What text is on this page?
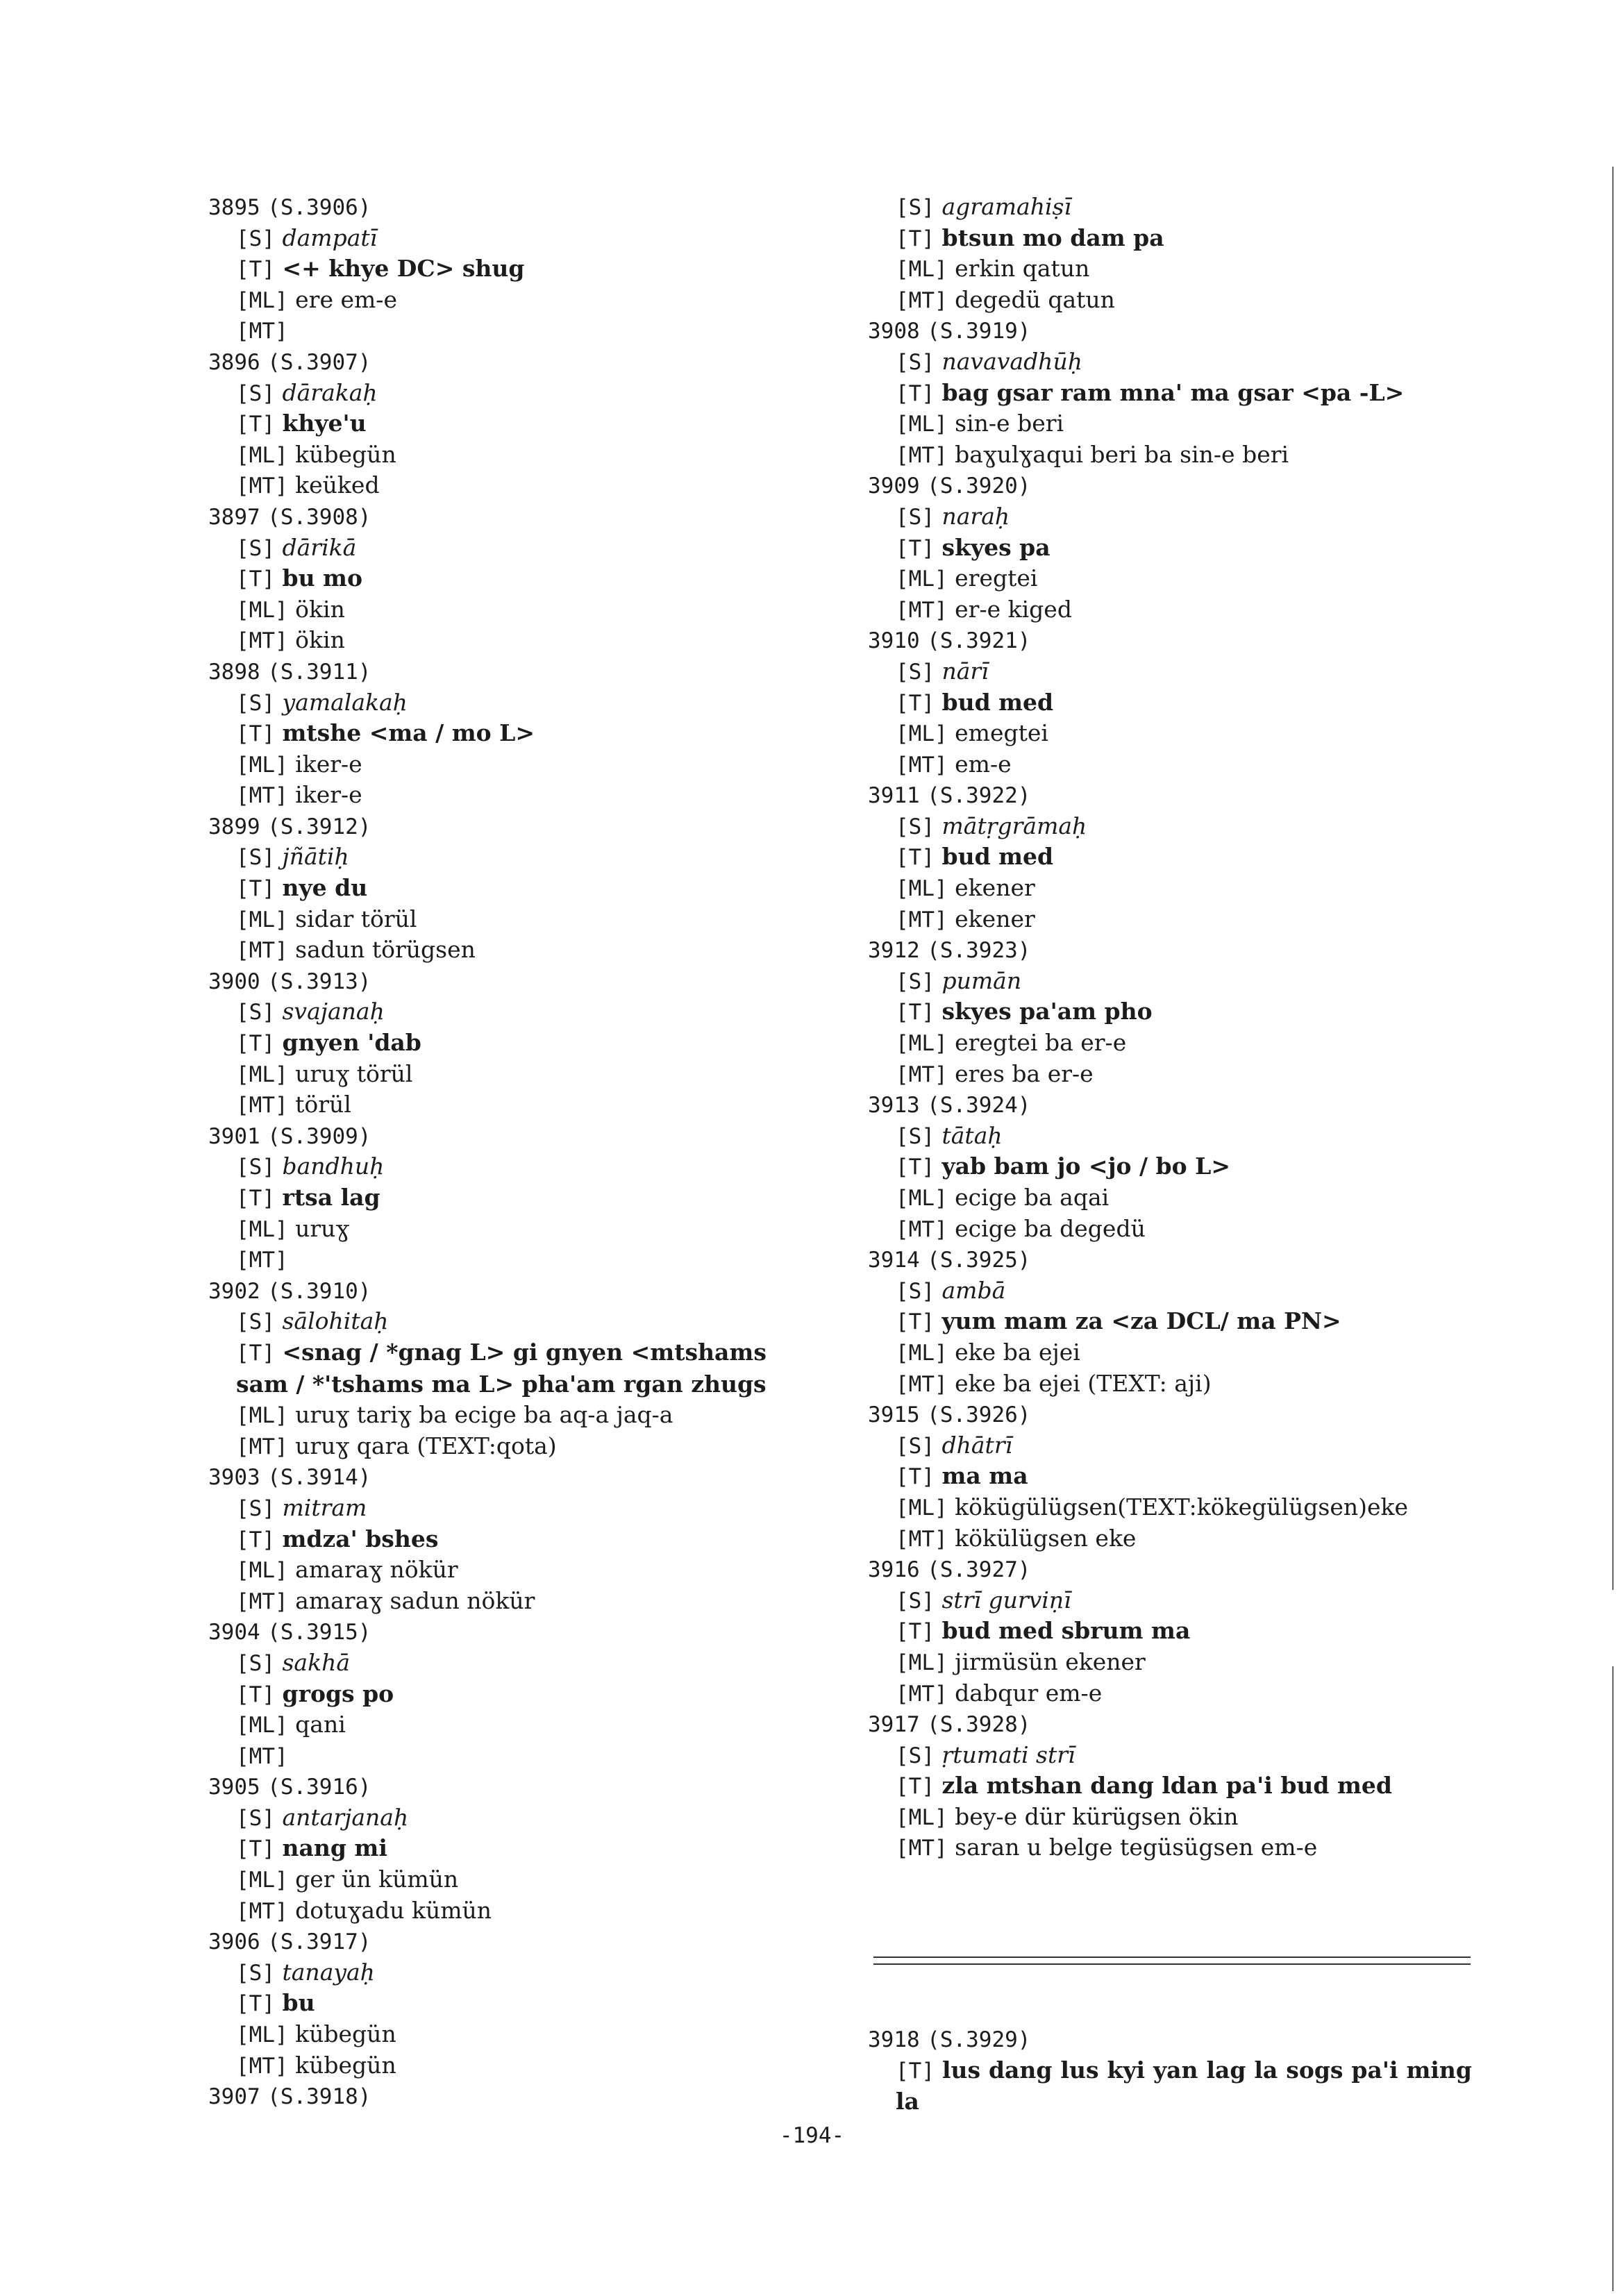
3895 (S.3906)
[S] dampatī
[T] <+ khye DC> shug
[ML] ere em-e
[MT]
3896 (S.3907)
[S] dārakaḥ
[T] khye'u
[ML] kübegün
[MT] keüked
3897 (S.3908)
[S] dārikā
[T] bu mo
[ML] ökin
[MT] ökin
3898 (S.3911)
[S] yamalakaḥ
[T] mtshe <ma / mo L>
[ML] iker-e
[MT] iker-e
3899 (S.3912)
[S] jñātiḥ
[T] nye du
[ML] sidar törül
[MT] sadun törügsen
3900 (S.3913)
[S] svajanaḥ
[T] gnyen 'dab
[ML] uruɣ törül
[MT] törül
3901 (S.3909)
[S] bandhuḥ
[T] rtsa lag
[ML] uruɣ
[MT]
3902 (S.3910)
[S] sālohitaḥ
[T] <snag / *gnag L> gi gnyen <mtshams sam / *'tshams ma L> pha'am rgan zhugs
[ML] uruɣ tariɣ ba ecige ba aq-a jaq-a
[MT] uruɣ qara (TEXT:qota)
3903 (S.3914)
[S] mitram
[T] mdza' bshes
[ML] amaraɣ nökür
[MT] amaraɣ sadun nökür
3904 (S.3915)
[S] sakhā
[T] grogs po
[ML] qani
[MT]
3905 (S.3916)
[S] antarjanaḥ
[T] nang mi
[ML] ger ün kümün
[MT] dotuɣadu kümün
3906 (S.3917)
[S] tanayaḥ
[T] bu
[ML] kübegün
[MT] kübegün
3907 (S.3918)
[S] agramahiṣī
[T] btsun mo dam pa
[ML] erkin qatun
[MT] degedü qatun
3908 (S.3919)
[S] navavadhūḥ
[T] bag gsar ram mna' ma gsar <pa -L>
[ML] sin-e beri
[MT] baɣulɣaqui beri ba sin-e beri
3909 (S.3920)
[S] naraḥ
[T] skyes pa
[ML] eregtei
[MT] er-e kiged
3910 (S.3921)
[S] nārī
[T] bud med
[ML] emegtei
[MT] em-e
3911 (S.3922)
[S] mātṛgrāmaḥ
[T] bud med
[ML] ekener
[MT] ekener
3912 (S.3923)
[S] pumān
[T] skyes pa'am pho
[ML] eregtei ba er-e
[MT] eres ba er-e
3913 (S.3924)
[S] tātaḥ
[T] yab bam jo <jo / bo L>
[ML] ecige ba aqai
[MT] ecige ba degedü
3914 (S.3925)
[S] ambā
[T] yum mam za <za DCL/ ma PN>
[ML] eke ba ejei
[MT] eke ba ejei (TEXT: aji)
3915 (S.3926)
[S] dhātrī
[T] ma ma
[ML] kökügülügsen(TEXT:kökegülügsen)eke
[MT] kökülügsen eke
3916 (S.3927)
[S] strī gurviṇī
[T] bud med sbrum ma
[ML] jirmüsün ekener
[MT] dabqur em-e
3917 (S.3928)
[S] ṛtumati strī
[T] zla mtshan dang ldan pa'i bud med
[ML] bey-e dür kürügsen ökin
[MT] saran u belge tegüsügsen em-e
3918 (S.3929)
[T] lus dang lus kyi yan lag la sogs pa'i ming la
-194-
